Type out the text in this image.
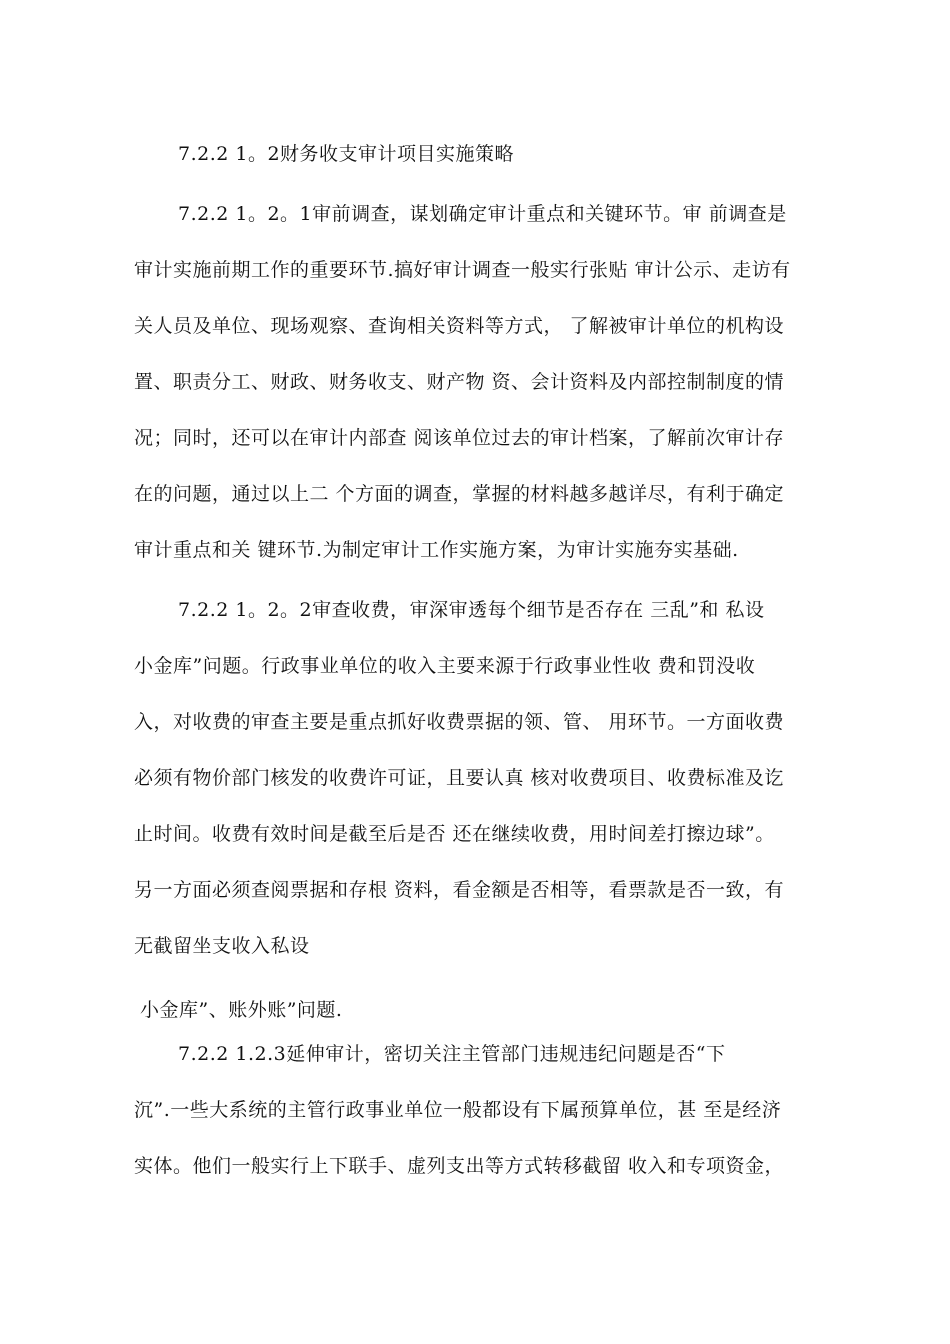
7.2.2 1。2财务收支审计项目实施策略
7.2.2 1。2。1审前调查，谋划确定审计重点和关键环节。审 前调查是
审计实施前期工作的重要环节.搞好审计调查一般实行张贴 审计公示、走访有
关人员及单位、现场观察、查询相关资料等方式， 了解被审计单位的机构设
置、职责分工、财政、财务收支、财产物 资、会计资料及内部控制制度的情
况；同时，还可以在审计内部查 阅该单位过去的审计档案，了解前次审计存
在的问题，通过以上二 个方面的调查，掌握的材料越多越详尽，有利于确定
审计重点和关 键环节.为制定审计工作实施方案，为审计实施夯实基础.
7.2.2 1。2。2审查收费，审深审透每个细节是否存在 三乱”和 私设
小金库”问题。行政事业单位的收入主要来源于行政事业性收 费和罚没收
入，对收费的审查主要是重点抓好收费票据的领、管、 用环节。一方面收费
必须有物价部门核发的收费许可证，且要认真 核对收费项目、收费标准及讫
止时间。收费有效时间是截至后是否 还在继续收费，用时间差打擦边球”。
另一方面必须查阅票据和存根 资料，看金额是否相等，看票款是否一致，有
无截留坐支收入私设
小金库”、账外账”问题.
7.2.2 1.2.3延伸审计，密切关注主管部门违规违纪问题是否“下
沉”.一些大系统的主管行政事业单位一般都设有下属预算单位，甚 至是经济
实体。他们一般实行上下联手、虚列支出等方式转移截留 收入和专项资金，
